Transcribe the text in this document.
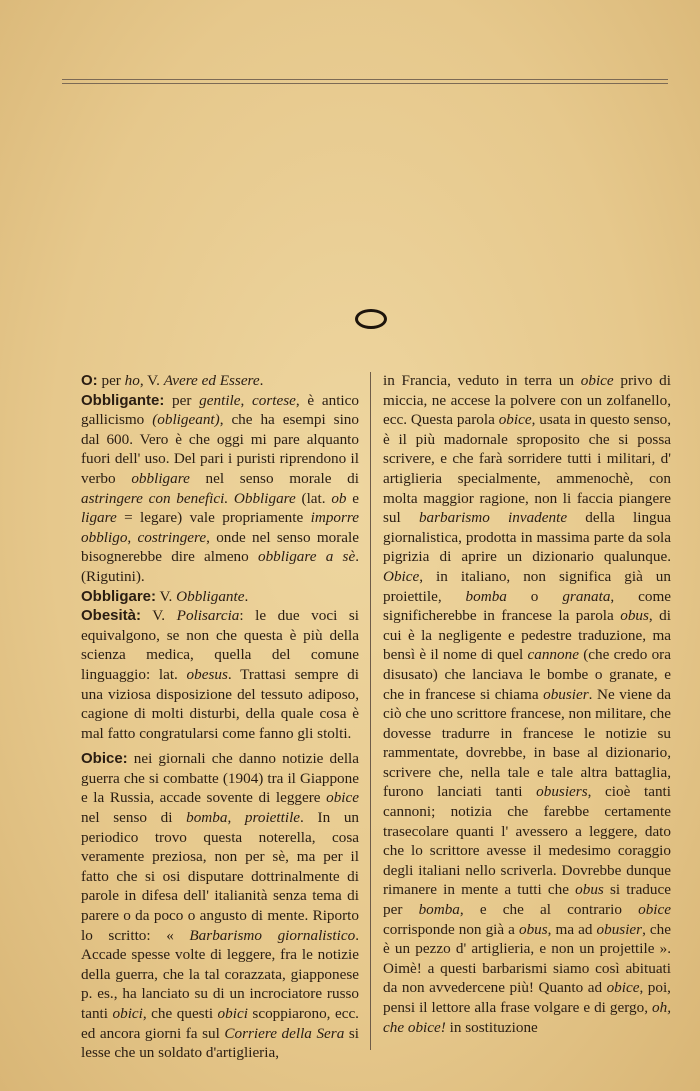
O: per ho, V. Avere ed Essere.

Obbligante: per gentile, cortese, è antico gallicismo (obligeant), che ha esempi sino dal 600. Vero è che oggi mi pare alquanto fuori dell' uso. Del pari i puristi riprendono il verbo obbligare nel senso morale di astringere con benefici. Obbligare (lat. ob e ligare = legare) vale propriamente imporre obbligo, costringere, onde nel senso morale bisognerebbe dire almeno obbligare a sè. (Rigutini).

Obbligare: V. Obbligante.

Obesità: V. Polisarcia: le due voci si equivalgono, se non che questa è più della scienza medica, quella del comune linguaggio: lat. obesus. Trattasi sempre di una viziosa disposizione del tessuto adiposo, cagione di molti disturbi, della quale cosa è mal fatto congratularsi come fanno gli stolti.

Obice: nei giornali che danno notizie della guerra che si combatte (1904) tra il Giappone e la Russia, accade sovente di leggere obice nel senso di bomba, proiettile. In un periodico trovo questa noterella, cosa veramente preziosa, non per sè, ma per il fatto che si osi disputare dottrinalmente di parole in difesa dell' italianità senza tema di parere o da poco o angusto di mente. Riporto lo scritto: « Barbarismo giornalistico. Accade spesse volte di leggere, fra le notizie della guerra, che la tal corazzata, giapponese p. es., ha lanciato su di un incrociatore russo tanti obici, che questi obici scoppiarono, ecc. ed ancora giorni fa sul Corriere della Sera si lesse che un soldato d'artiglieria,

in Francia, veduto in terra un obice privo di miccia, ne accese la polvere con un zolfanello, ecc. Questa parola obice, usata in questo senso, è il più madornale sproposito che si possa scrivere, e che farà sorridere tutti i militari, d' artiglieria specialmente, ammenochè, con molta maggior ragione, non li faccia piangere sul barbarismo invadente della lingua giornalistica, prodotta in massima parte da sola pigrizia di aprire un dizionario qualunque. Obice, in italiano, non significa già un proiettile, bomba o granata, come significherebbe in francese la parola obus, di cui è la negligente e pedestre traduzione, ma bensì è il nome di quel cannone (che credo ora disusato) che lanciava le bombe o granate, e che in francese si chiama obusier. Ne viene da ciò che uno scrittore francese, non militare, che dovesse tradurre in francese le notizie su rammentate, dovrebbe, in base al dizionario, scrivere che, nella tale e tale altra battaglia, furono lanciati tanti obusiers, cioè tanti cannoni; notizia che farebbe certamente trasecolare quanti l' avessero a leggere, dato che lo scrittore avesse il medesimo coraggio degli italiani nello scriverla. Dovrebbe dunque rimanere in mente a tutti che obus si traduce per bomba, e che al contrario obice corrisponde non già a obus, ma ad obusier, che è un pezzo d' artiglieria, e non un projettile ». Oimè! a questi barbarismi siamo così abituati da non avvedercene più! Quanto ad obice, poi, pensi il lettore alla frase volgare e di gergo, oh, che obice! in sostituzione
